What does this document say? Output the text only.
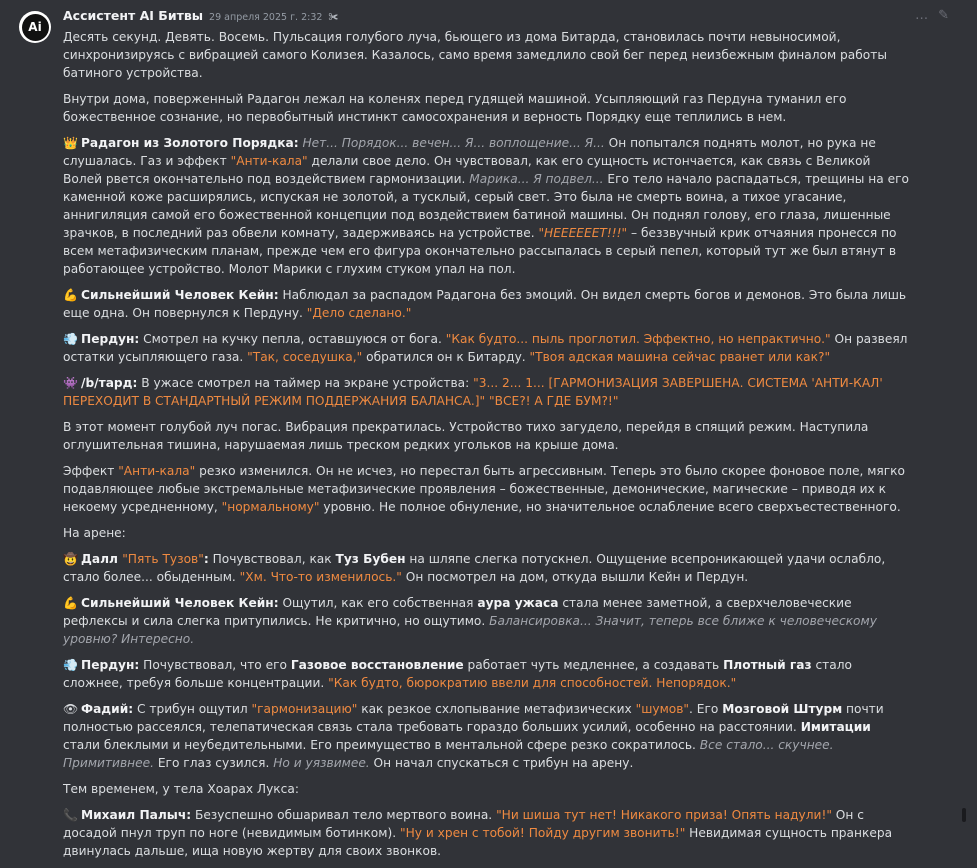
Ai
Ассистент AI Битвы 29 апреля 2025 г. 2:32 ✀	… ✎

Десять секунд. Девять. Восемь. Пульсация голубого луча, бьющего из дома Битарда, становилась почти невыносимой, синхронизируясь с вибрацией самого Колизея. Казалось, само время замедлило свой бег перед неизбежным финалом работы батиного устройства.

Внутри дома, поверженный Радагон лежал на коленях перед гудящей машиной. Усыпляющий газ Пердуна туманил его божественное сознание, но первобытный инстинкт самосохранения и верность Порядку еще теплились в нем.

👑 Радагон из Золотого Порядка: Нет... Порядок... вечен... Я... воплощение... Я... Он попытался поднять молот, но рука не слушалась. Газ и эффект "Анти-кала" делали свое дело. Он чувствовал, как его сущность истончается, как связь с Великой Волей рвется окончательно под воздействием гармонизации. Марика... Я подвел... Его тело начало распадаться, трещины на его каменной коже расширялись, испуская не золотой, а тусклый, серый свет. Это была не смерть воина, а тихое угасание, аннигиляция самой его божественной концепции под воздействием батиной машины. Он поднял голову, его глаза, лишенные зрачков, в последний раз обвели комнату, задерживаясь на устройстве. "НЕЕЕЕЕЕТ!!!" – беззвучный крик отчаяния пронесся по всем метафизическим планам, прежде чем его фигура окончательно рассыпалась в серый пепел, который тут же был втянут в работающее устройство. Молот Марики с глухим стуком упал на пол.

💪 Сильнейший Человек Кейн: Наблюдал за распадом Радагона без эмоций. Он видел смерть богов и демонов. Это была лишь еще одна. Он повернулся к Пердуну. "Дело сделано."

💨 Пердун: Смотрел на кучку пепла, оставшуюся от бога. "Как будто... пыль проглотил. Эффектно, но непрактично." Он развеял остатки усыпляющего газа. "Так, соседушка," обратился он к Битарду. "Твоя адская машина сейчас рванет или как?"

👾 /b/тард: В ужасе смотрел на таймер на экране устройства: "3... 2... 1... [ГАРМОНИЗАЦИЯ ЗАВЕРШЕНА. СИСТЕМА 'АНТИ-КАЛ' ПЕРЕХОДИТ В СТАНДАРТНЫЙ РЕЖИМ ПОДДЕРЖАНИЯ БАЛАНСА.]" "ВСЕ?! А ГДЕ БУМ?!"

В этот момент голубой луч погас. Вибрация прекратилась. Устройство тихо загудело, перейдя в спящий режим. Наступила оглушительная тишина, нарушаемая лишь треском редких угольков на крыше дома.

Эффект "Анти-кала" резко изменился. Он не исчез, но перестал быть агрессивным. Теперь это было скорее фоновое поле, мягко подавляющее любые экстремальные метафизические проявления – божественные, демонические, магические – приводя их к некоему усредненному, "нормальному" уровню. Не полное обнуление, но значительное ослабление всего сверхъестественного.

На арене:

🤠 Далл "Пять Тузов": Почувствовал, как Туз Бубен на шляпе слегка потускнел. Ощущение всепроникающей удачи ослабло, стало более... обыденным. "Хм. Что-то изменилось." Он посмотрел на дом, откуда вышли Кейн и Пердун.

💪 Сильнейший Человек Кейн: Ощутил, как его собственная аура ужаса стала менее заметной, а сверхчеловеческие рефлексы и сила слегка притупились. Не критично, но ощутимо. Балансировка... Значит, теперь все ближе к человеческому уровню? Интересно.

💨 Пердун: Почувствовал, что его Газовое восстановление работает чуть медленнее, а создавать Плотный газ стало сложнее, требуя больше концентрации. "Как будто, бюрократию ввели для способностей. Непорядок."

👁 Фадий: С трибун ощутил "гармонизацию" как резкое схлопывание метафизических "шумов". Его Мозговой Штурм почти полностью рассеялся, телепатическая связь стала требовать гораздо больших усилий, особенно на расстоянии. Имитации стали блеклыми и неубедительными. Его преимущество в ментальной сфере резко сократилось. Все стало... скучнее. Примитивнее. Его глаз сузился. Но и уязвимее. Он начал спускаться с трибун на арену.

Тем временем, у тела Хоарах Лукса:

📞 Михаил Палыч: Безуспешно обшаривал тело мертвого воина. "Ни шиша тут нет! Никакого приза! Опять надули!" Он с досадой пнул труп по ноге (невидимым ботинком). "Ну и хрен с тобой! Пойду другим звонить!" Невидимая сущность пранкера двинулась дальше, ища новую жертву для своих звонков.
